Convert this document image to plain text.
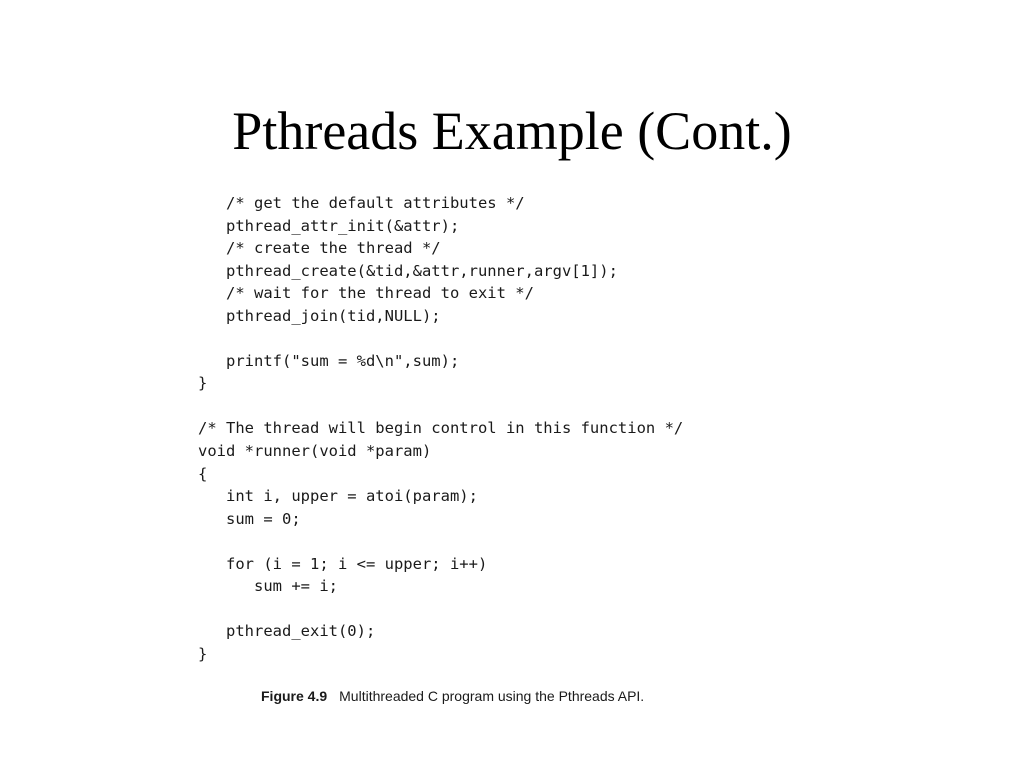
Pthreads Example (Cont.)
/* get the default attributes */
pthread_attr_init(&attr);
/* create the thread */
pthread_create(&tid,&attr,runner,argv[1]);
/* wait for the thread to exit */
pthread_join(tid,NULL);
printf("sum = %d\n",sum);
}
/* The thread will begin control in this function */
void *runner(void *param)
{
int i, upper = atoi(param);
sum = 0;
for (i = 1; i <= upper; i++)
sum += i;
pthread_exit(0);
}
Figure 4.9 Multithreaded C program using the Pthreads API.
